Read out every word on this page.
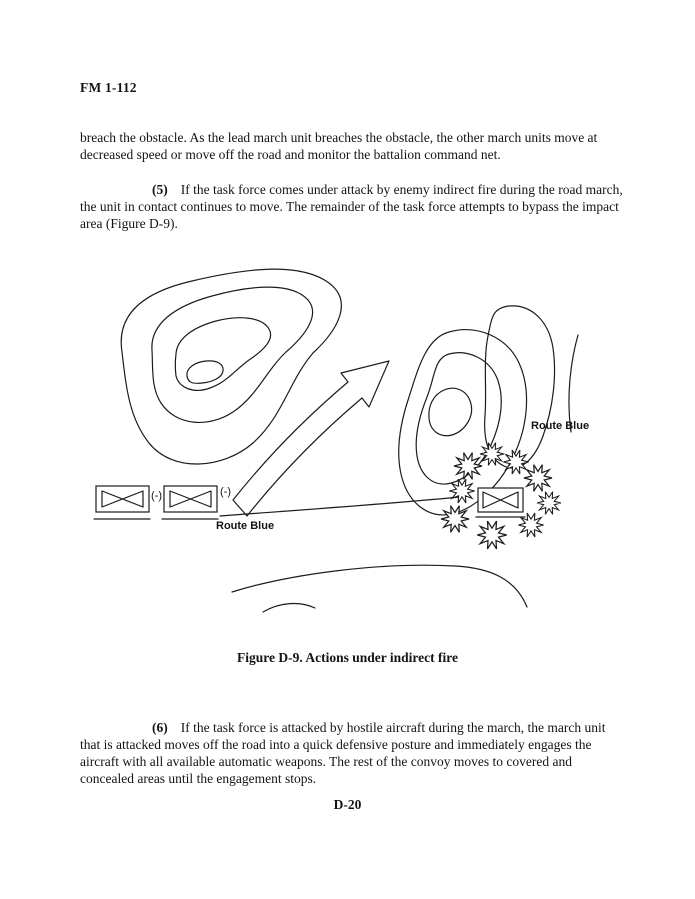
FM 1-112

breach the obstacle. As the lead march unit breaches the obstacle, the other march units move at decreased speed or move off the road and monitor the battalion command net.

(5) If the task force comes under attack by enemy indirect fire during the road march, the unit in contact continues to move. The remainder of the task force attempts to bypass the impact area (Figure D-9).

(-)	(-)
Route Blue
Route Blue
Figure D-9. Actions under indirect fire

(6) If the task force is attacked by hostile aircraft during the march, the march unit that is attacked moves off the road into a quick defensive posture and immediately engages the aircraft with all available automatic weapons. The rest of the convoy moves to covered and concealed areas until the engagement stops.

D-20
